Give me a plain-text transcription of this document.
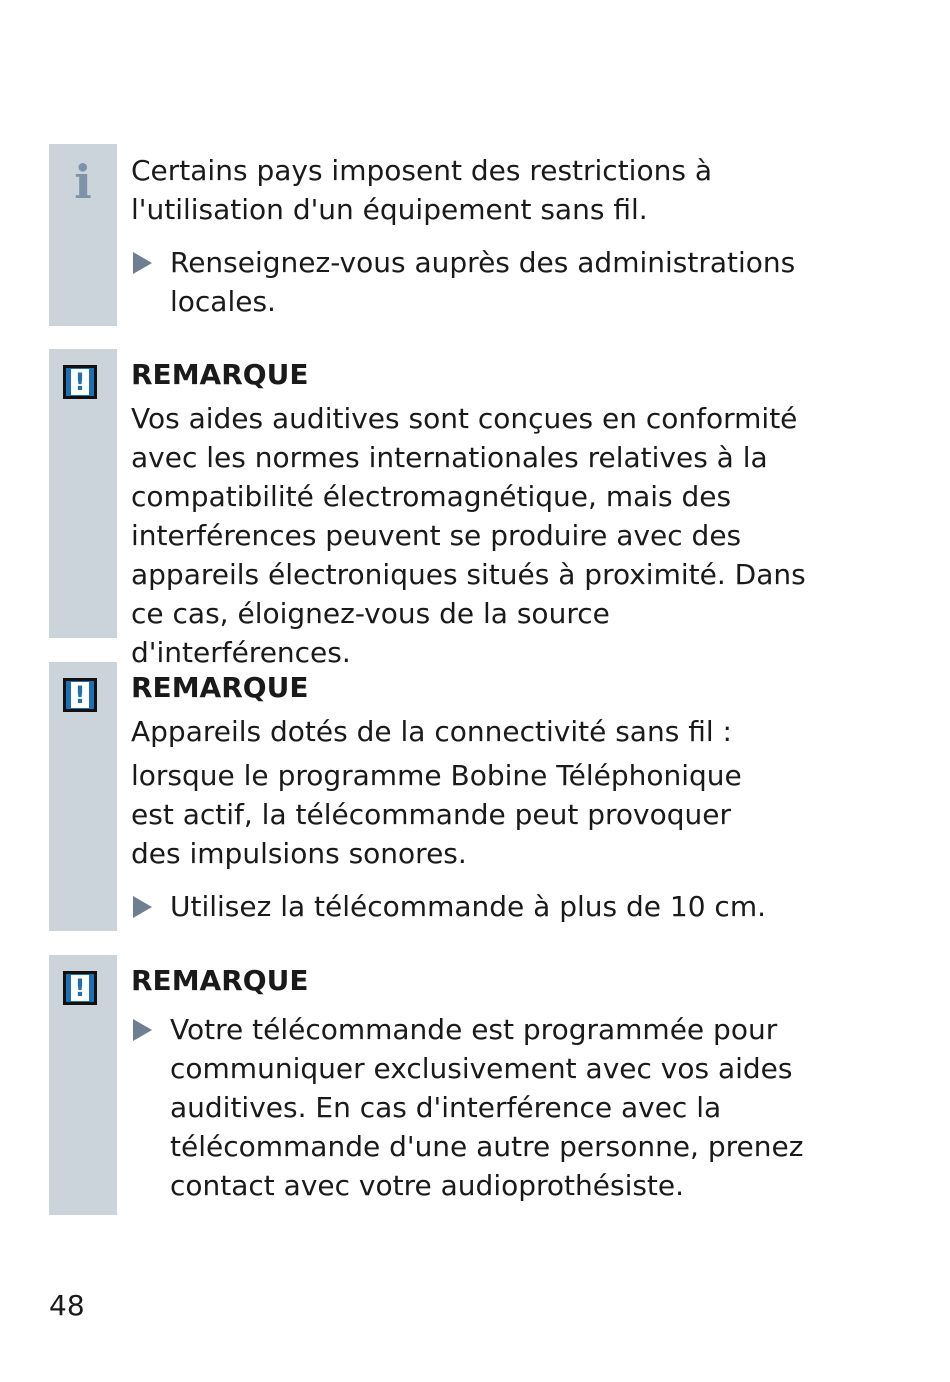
i Certains pays imposent des restrictions à l'utilisation d'un équipement sans fil.

Renseignez-vous auprès des administrations locales.

! REMARQUE

Vos aides auditives sont conçues en conformité avec les normes internationales relatives à la compatibilité électromagnétique, mais des interférences peuvent se produire avec des appareils électroniques situés à proximité. Dans ce cas, éloignez-vous de la source d'interférences.

! REMARQUE

Appareils dotés de la connectivité sans fil :

lorsque le programme Bobine Téléphonique est actif, la télécommande peut provoquer des impulsions sonores.

Utilisez la télécommande à plus de 10 cm.

! REMARQUE

Votre télécommande est programmée pour communiquer exclusivement avec vos aides auditives. En cas d'interférence avec la télécommande d'une autre personne, prenez contact avec votre audioprothésiste.

48
